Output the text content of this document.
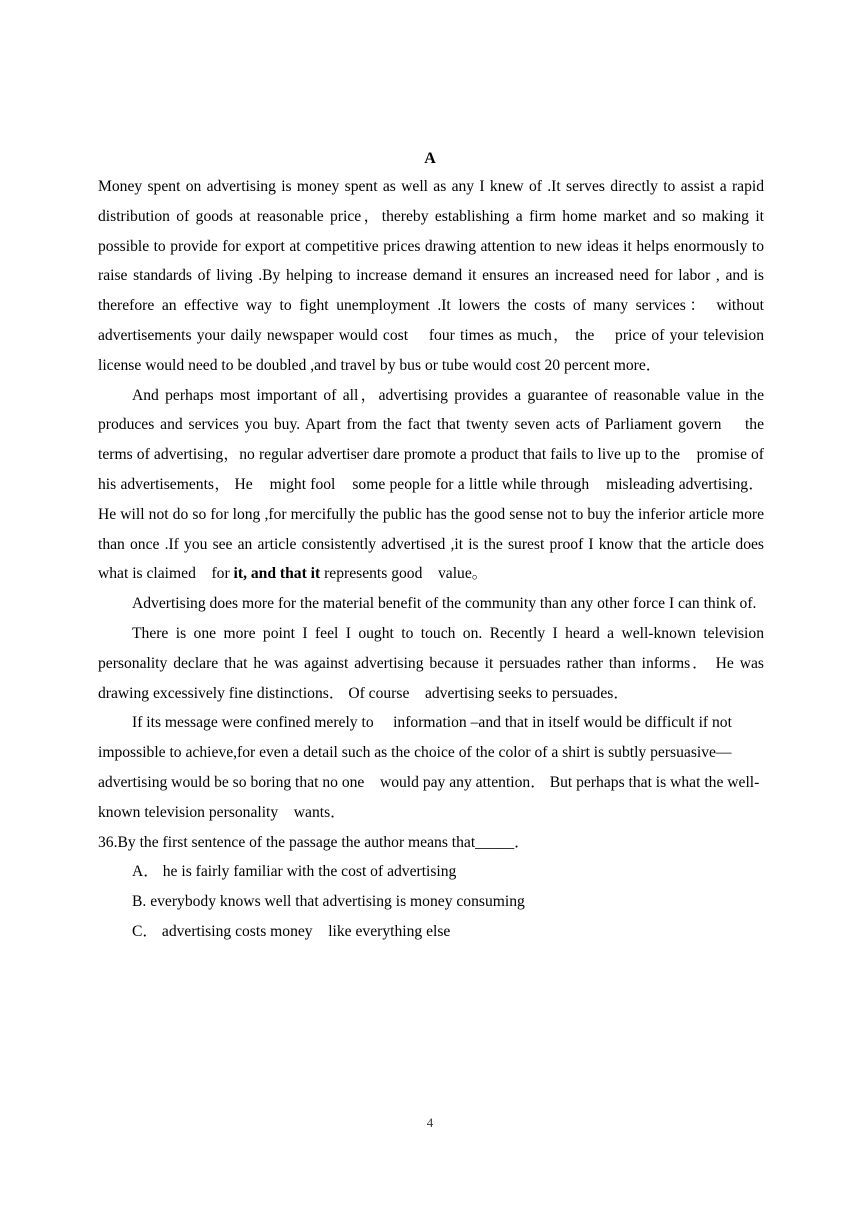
A

Money spent on advertising is money spent as well as any I knew of .It serves directly to assist a rapid distribution of goods at reasonable price，thereby establishing a firm home market and so making it possible to provide for export at competitive prices drawing attention to new ideas it helps enormously to raise standards of living .By helping to increase demand it ensures an increased need for labor , and is therefore an effective way to fight unemployment .It lowers the costs of many services： without advertisements your daily newspaper would cost    four times as much， the    price of your television license would need to be doubled ,and travel by bus or tube would cost 20 percent more．

And perhaps most important of all，advertising provides a guarantee of reasonable value in the produces and services you buy. Apart from the fact that twenty seven acts of Parliament govern    the terms of advertising，no regular advertiser dare promote a product that fails to live up to the    promise of his advertisements， He    might fool    some people for a little while through    misleading advertising． He will not do so for long ,for mercifully the public has the good sense not to buy the inferior article more than once .If you see an article consistently advertised ,it is the surest proof I know that the article does what is claimed    for it, and that it represents good    value。

Advertising does more for the material benefit of the community than any other force I can think of.

There is one more point I feel I ought to touch on. Recently I heard a well-known television    personality declare that he was against advertising because it persuades rather than informs． He was drawing excessively fine distinctions． Of course    advertising seeks to persuades．

If its message were confined merely to     information –and that in itself would be difficult if not impossible to achieve,for even a detail such as the choice of the color of a shirt is subtly persuasive—advertising would be so boring that no one    would pay any attention． But perhaps that is what the well-known television personality    wants．

36.By the first sentence of the passage the author means that_____．

A． he is fairly familiar with the cost of advertising

B. everybody knows well that advertising is money consuming

C． advertising costs money    like everything else

4
